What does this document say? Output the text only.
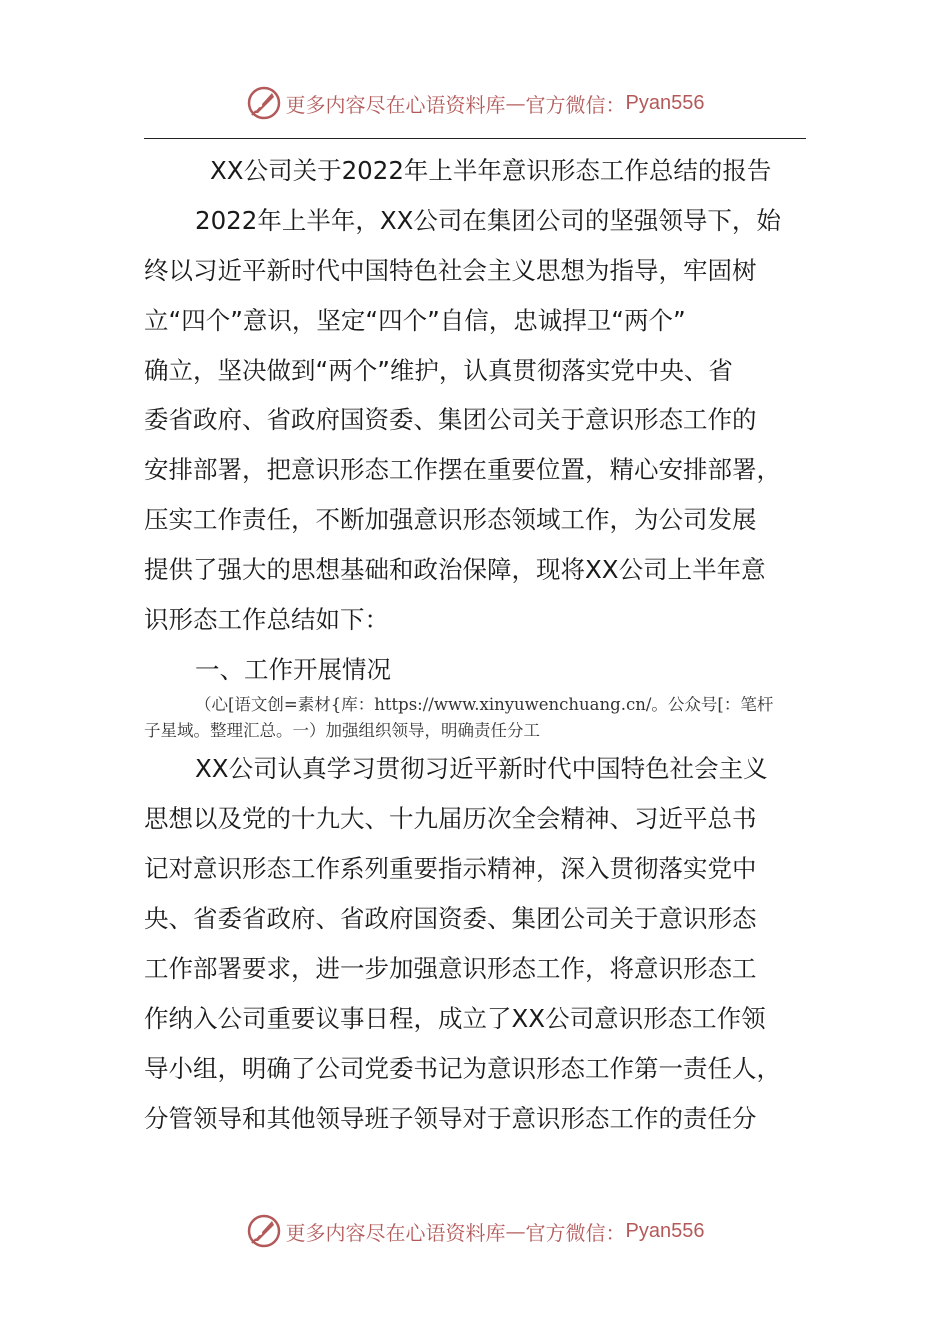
更多内容尽在心语资料库 — 官方微信： Pyan556
XX公司关于2022年上半年意识形态工作总结的报告
2022年上半年，XX公司在集团公司的坚强领导下，始
终以习近平新时代中国特色社会主义思想为指导，牢固树
立“四个”意识，坚定“四个”自信，忠诚捍卫“两个”
确立，坚决做到“两个”维护，认真贯彻落实党中央、省
委省政府、省政府国资委、集团公司关于意识形态工作的
安排部署，把意识形态工作摆在重要位置，精心安排部署，
压实工作责任，不断加强意识形态领域工作，为公司发展
提供了强大的思想基础和政治保障，现将XX公司上半年意
识形态工作总结如下：
一、工作开展情况
（心[语文创=素材{库：https://www.xinyuwenchuang.cn/。公众号[：笔杆
子星域。整理汇总。一）加强组织领导，明确责任分工
XX公司认真学习贯彻习近平新时代中国特色社会主义
思想以及党的十九大、十九届历次全会精神、习近平总书
记对意识形态工作系列重要指示精神，深入贯彻落实党中
央、省委省政府、省政府国资委、集团公司关于意识形态
工作部署要求，进一步加强意识形态工作，将意识形态工
作纳入公司重要议事日程，成立了XX公司意识形态工作领
导小组，明确了公司党委书记为意识形态工作第一责任人，
分管领导和其他领导班子领导对于意识形态工作的责任分
更多内容尽在心语资料库 — 官方微信： Pyan556
